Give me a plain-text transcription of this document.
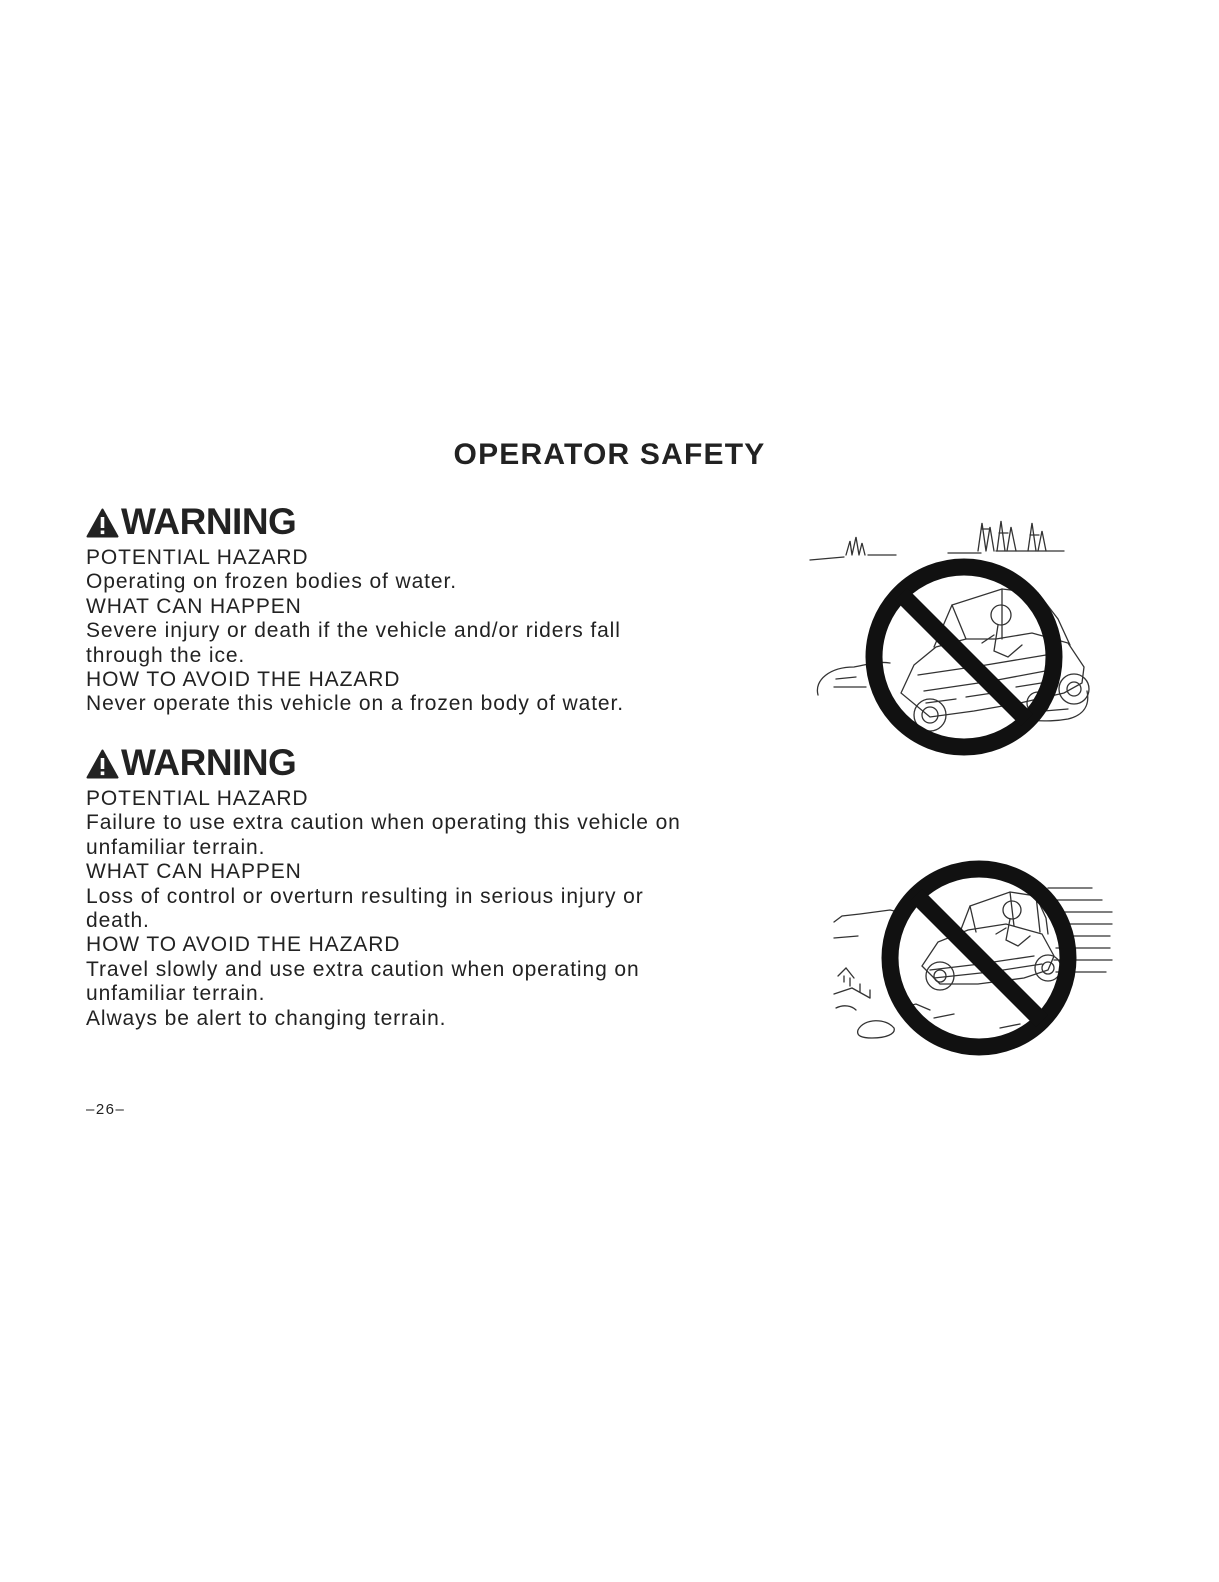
OPERATOR SAFETY
WARNING
POTENTIAL HAZARD
Operating on frozen bodies of water.
WHAT CAN HAPPEN
Severe injury or death if the vehicle and/or riders fall
through the ice.
HOW TO AVOID THE HAZARD
Never operate this vehicle on a frozen body of water.
WARNING
POTENTIAL HAZARD
Failure to use extra caution when operating this vehicle on
unfamiliar terrain.
WHAT CAN HAPPEN
Loss of control or overturn resulting in serious injury or
death.
HOW TO AVOID THE HAZARD
Travel slowly and use extra caution when operating on
unfamiliar terrain.
Always be alert to changing terrain.
–26–
